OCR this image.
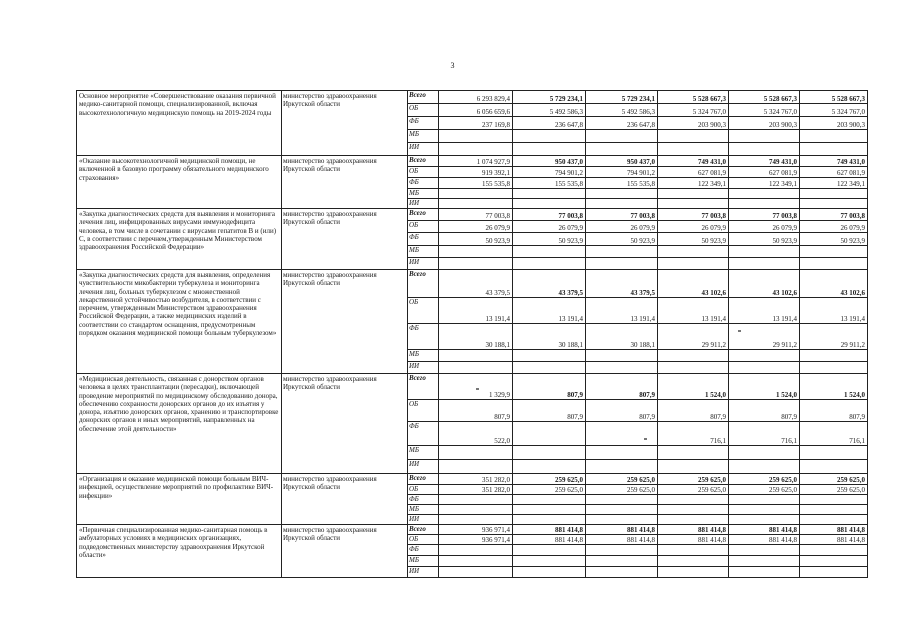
3
Основное мероприятие «Совершенствование оказания первичной медико-санитарной помощи, специализированной, включая высокотехнологичную медицинскую помощь на 2019-2024 годы	министерство здравоохранения Иркутской области	Всего	6 293 829,4	5 729 234,1	5 729 234,1	5 528 667,3	5 528 667,3	5 528 667,3
		ОБ	6 056 659,6	5 492 586,3	5 492 586,3	5 324 767,0	5 324 767,0	5 324 767,0
		ФБ	237 169,8	236 647,8	236 647,8	203 900,3	203 900,3	203 900,3
		МБ						
		ИИ						
«Оказание высокотехнологичной медицинской помощи, не включенной в базовую программу обязательного медицинского страхования»	министерство здравоохранения Иркутской области	Всего	1 074 927,9	950 437,0	950 437,0	749 431,0	749 431,0	749 431,0
		ОБ	919 392,1	794 901,2	794 901,2	627 081,9	627 081,9	627 081,9
		ФБ	155 535,8	155 535,8	155 535,8	122 349,1	122 349,1	122 349,1
		МБ						
		ИИ						
«Закупка диагностических средств для выявления и мониторинга лечения лиц, инфицированных вирусами иммунодефицита человека, в том числе в сочетании с вирусами гепатитов В и (или) С, в соответствии с перечнем,утвержденным Министерством здравоохранения Российской Федерации»	министерство здравоохранения Иркутской области	Всего	77 003,8	77 003,8	77 003,8	77 003,8	77 003,8	77 003,8
		ОБ	26 079,9	26 079,9	26 079,9	26 079,9	26 079,9	26 079,9
		ФБ	50 923,9	50 923,9	50 923,9	50 923,9	50 923,9	50 923,9
		МБ						
		ИИ						
«Закупка диагностических средств для выявления, определения чувствительности микобактерии туберкулеза и мониторинга лечения лиц, больных туберкулезом с множественной лекарственной устойчивостью возбудителя, в соответствии с перечнем, утвержденным Министерством здравоохранения Российской Федерации, а также медицинских изделий в соответствии со стандартом оснащения, предусмотренным порядком оказания медицинской помощи больным туберкулезом»	министерство здравоохранения Иркутской области	Всего	43 379,5	43 379,5	43 379,5	43 102,6	43 102,6	43 102,6
		ОБ	13 191,4	13 191,4	13 191,4	13 191,4	13 191,4	13 191,4
		ФБ	30 188,1	30 188,1	30 188,1	29 911,2	29 911,2	29 911,2
		МБ						
		ИИ						
«Медицинская деятельность, связанная с донорством органов человека в целях трансплантации (пересадки), включающей проведение мероприятий по медицинскому обследованию донора, обеспечению сохранности донорских органов до их изъятия у донора, изъятию донорских органов, хранению и транспортировке донорских органов и иных мероприятий, направленных на обеспечение этой деятельности»	министерство здравоохранения Иркутской области	Всего	1 329,9	807,9	807,9	1 524,0	1 524,0	1 524,0
		ОБ	807,9	807,9	807,9	807,9	807,9	807,9
		ФБ	522,0			716,1	716,1	716,1
		МБ						
		ИИ						
«Организация и оказание медицинской помощи больным ВИЧ-инфекцией, осуществление мероприятий по профилактике ВИЧ-инфекции»	министерство здравоохранения Иркутской области	Всего	351 282,0	259 625,0	259 625,0	259 625,0	259 625,0	259 625,0
		ОБ	351 282,0	259 625,0	259 625,0	259 625,0	259 625,0	259 625,0
		ФБ						
		МБ						
		ИИ						
«Первичная специализированная медико-санитарная помощь в амбулаторных условиях в медицинских организациях, подведомственных министерству здравоохранения Иркутской области»	министерство здравоохранения Иркутской области	Всего	936 971,4	881 414,8	881 414,8	881 414,8	881 414,8	881 414,8
		ОБ	936 971,4	881 414,8	881 414,8	881 414,8	881 414,8	881 414,8
		ФБ						
		МБ						
		ИИ						
